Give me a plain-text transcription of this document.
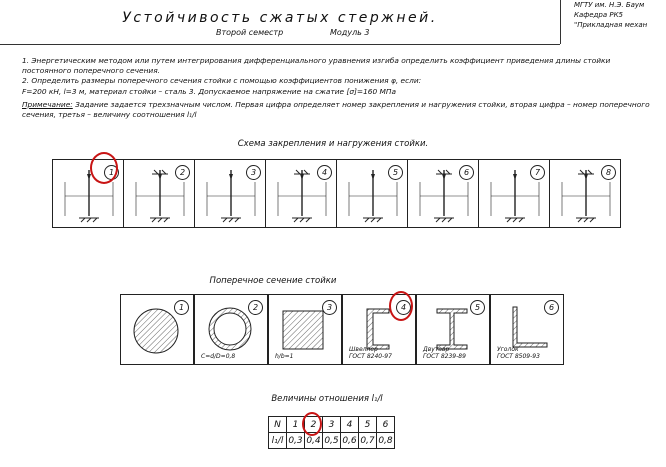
Устойчивость сжатых стержней.
Второй семестр	Модуль 3
МГТУ им. Н.Э. Баум
Кафедра РК5
"Прикладная механ

1. Энергетическим методом или путем интегрирования дифференциального уравнения изгиба определить коэффициент приведения длины стойки постоянного поперечного сечения.

2. Определить размеры поперечного сечения стойки с помощью коэффициентов понижения φ, если:

F=200 кН, l=3 м, материал стойки – сталь 3. Допускаемое напряжение на сжатие [σ]=160 МПа

Примечание: Задание задается трехзначным числом. Первая цифра определяет номер закрепления и нагружения стойки, вторая цифра – номер поперечного сечения, третья – величину соотношения l₁/l

Схема закрепления и нагружения стойки.
1	2	3	4	5	6	7	8
Поперечное сечение стойки
1	2
C=d/D=0,8
3
h/b=1
4
Швеллер
ГОСТ 8240-97
5
Двутавр
ГОСТ 8239-89
6
Уголок
ГОСТ 8509-93
Величины отношения l₁/l
N	1	2	3	4	5	6
l₁/l	0,3	0,4	0,5	0,6	0,7	0,8
